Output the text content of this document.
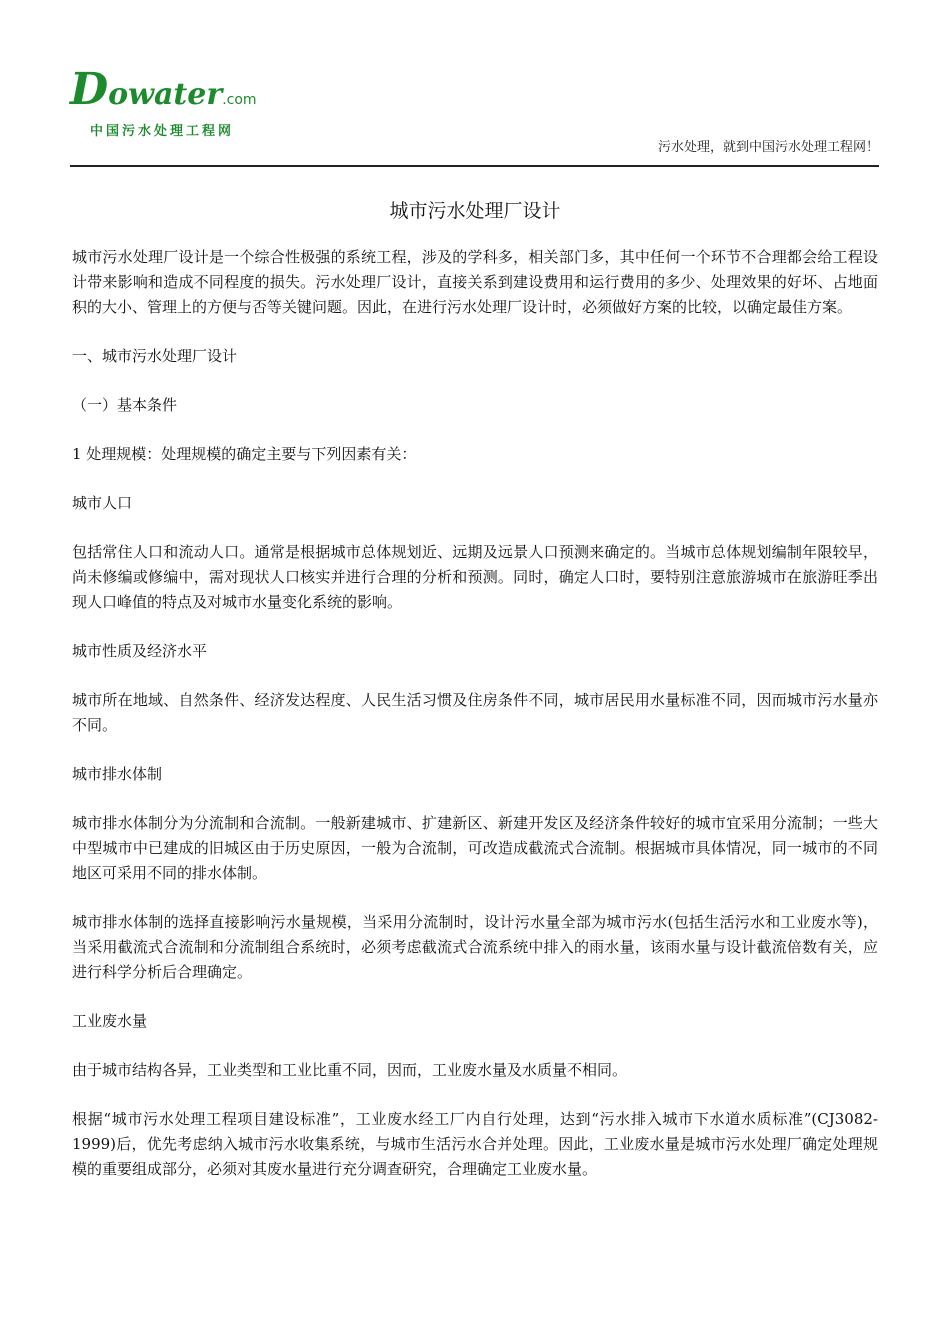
Dowater.com
中国污水处理工程网
污水处理，就到中国污水处理工程网！
城市污水处理厂设计

城市污水处理厂设计是一个综合性极强的系统工程，涉及的学科多，相关部门多，其中任何一个环节不合理都会给工程设计带来影响和造成不同程度的损失。污水处理厂设计，直接关系到建设费用和运行费用的多少、处理效果的好坏、占地面积的大小、管理上的方便与否等关键问题。因此，在进行污水处理厂设计时，必须做好方案的比较，以确定最佳方案。

一、城市污水处理厂设计

（一）基本条件

1 处理规模：处理规模的确定主要与下列因素有关：

城市人口

包括常住人口和流动人口。通常是根据城市总体规划近、远期及远景人口预测来确定的。当城市总体规划编制年限较早，尚未修编或修编中，需对现状人口核实并进行合理的分析和预测。同时，确定人口时，要特别注意旅游城市在旅游旺季出现人口峰值的特点及对城市水量变化系统的影响。

城市性质及经济水平

城市所在地域、自然条件、经济发达程度、人民生活习惯及住房条件不同，城市居民用水量标准不同，因而城市污水量亦不同。

城市排水体制

城市排水体制分为分流制和合流制。一般新建城市、扩建新区、新建开发区及经济条件较好的城市宜采用分流制；一些大中型城市中已建成的旧城区由于历史原因，一般为合流制，可改造成截流式合流制。根据城市具体情况，同一城市的不同地区可采用不同的排水体制。

城市排水体制的选择直接影响污水量规模，当采用分流制时，设计污水量全部为城市污水(包括生活污水和工业废水等)，当采用截流式合流制和分流制组合系统时，必须考虑截流式合流系统中排入的雨水量，该雨水量与设计截流倍数有关，应进行科学分析后合理确定。

工业废水量

由于城市结构各异，工业类型和工业比重不同，因而，工业废水量及水质量不相同。

根据“城市污水处理工程项目建设标准”，工业废水经工厂内自行处理，达到“污水排入城市下水道水质标准”(CJ3082-1999)后，优先考虑纳入城市污水收集系统，与城市生活污水合并处理。因此，工业废水量是城市污水处理厂确定处理规模的重要组成部分，必须对其废水量进行充分调查研究，合理确定工业废水量。
